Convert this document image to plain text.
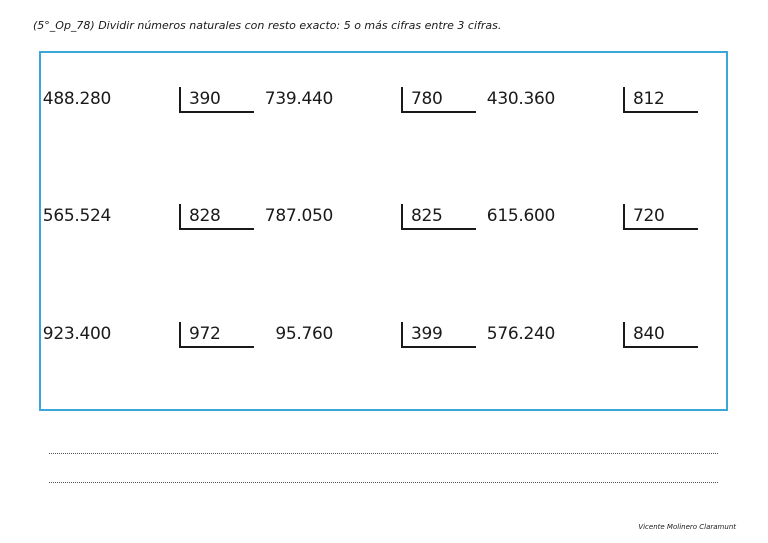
(5°_Op_78) Dividir números naturales con resto exacto: 5 o más cifras entre 3 cifras.
488.280	390	739.440	780	430.360	812
565.524	828	787.050	825	615.600	720
923.400	972	95.760	399	576.240	840
Vicente Molinero Claramunt
